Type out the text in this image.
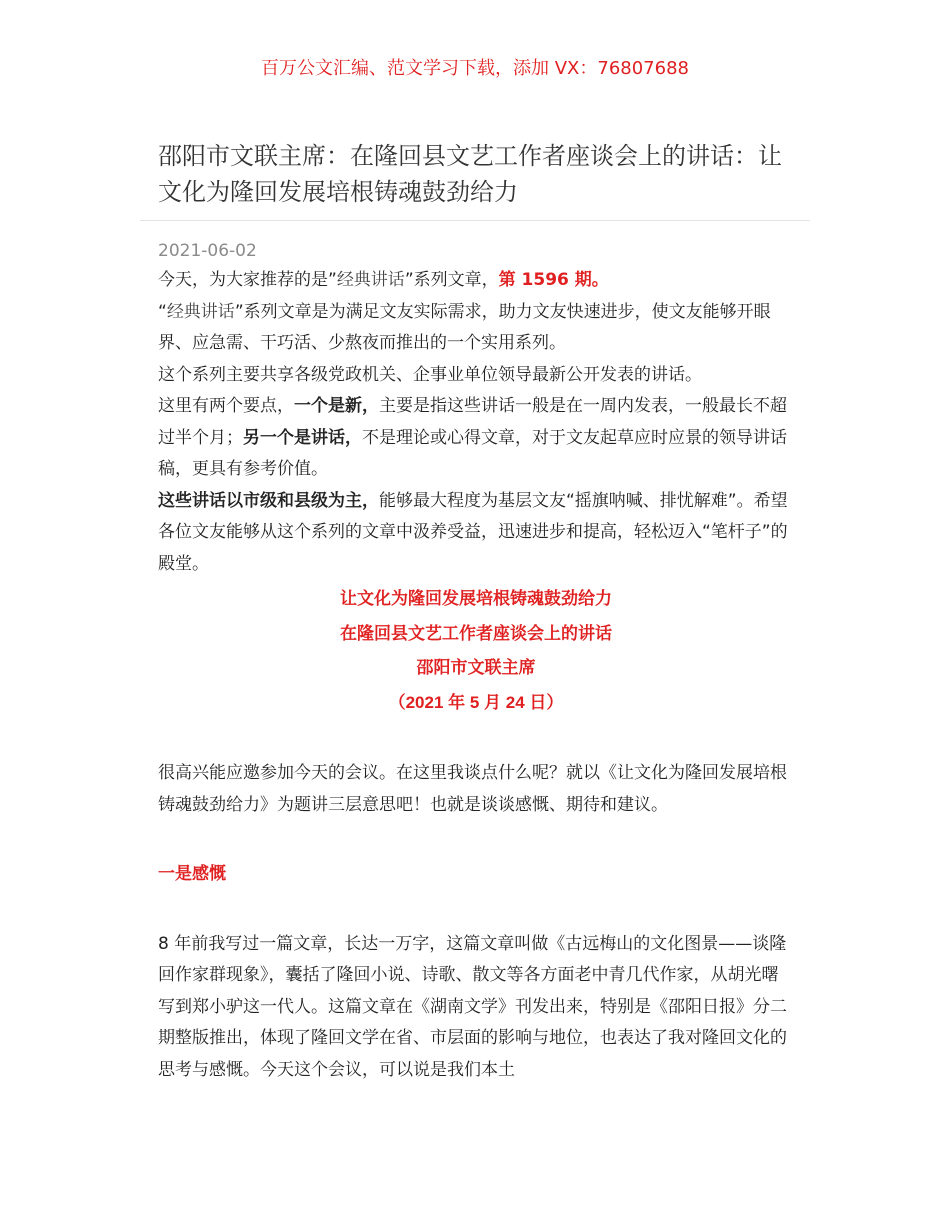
百万公文汇编、范文学习下载，添加 VX：76807688
邵阳市文联主席：在隆回县文艺工作者座谈会上的讲话：让文化为隆回发展培根铸魂鼓劲给力
2021-06-02

今天，为大家推荐的是”经典讲话”系列文章，第 1596 期。

“经典讲话”系列文章是为满足文友实际需求，助力文友快速进步，使文友能够开眼界、应急需、干巧活、少熬夜而推出的一个实用系列。

这个系列主要共享各级党政机关、企事业单位领导最新公开发表的讲话。

这里有两个要点，一个是新，主要是指这些讲话一般是在一周内发表，一般最长不超过半个月；另一个是讲话，不是理论或心得文章，对于文友起草应时应景的领导讲话稿，更具有参考价值。

这些讲话以市级和县级为主，能够最大程度为基层文友“摇旗呐喊、排忧解难”。希望各位文友能够从这个系列的文章中汲养受益，迅速进步和提高，轻松迈入“笔杆子”的殿堂。

让文化为隆回发展培根铸魂鼓劲给力
在隆回县文艺工作者座谈会上的讲话
邵阳市文联主席
（2021 年 5 月 24 日）

很高兴能应邀参加今天的会议。在这里我谈点什么呢？就以《让文化为隆回发展培根铸魂鼓劲给力》为题讲三层意思吧！也就是谈谈感慨、期待和建议。

一是感慨

8 年前我写过一篇文章，长达一万字，这篇文章叫做《古远梅山的文化图景——谈隆回作家群现象》，囊括了隆回小说、诗歌、散文等各方面老中青几代作家，从胡光曙写到郑小驴这一代人。这篇文章在《湖南文学》刊发出来，特别是《邵阳日报》分二期整版推出，体现了隆回文学在省、市层面的影响与地位，也表达了我对隆回文化的思考与感慨。今天这个会议，可以说是我们本土
